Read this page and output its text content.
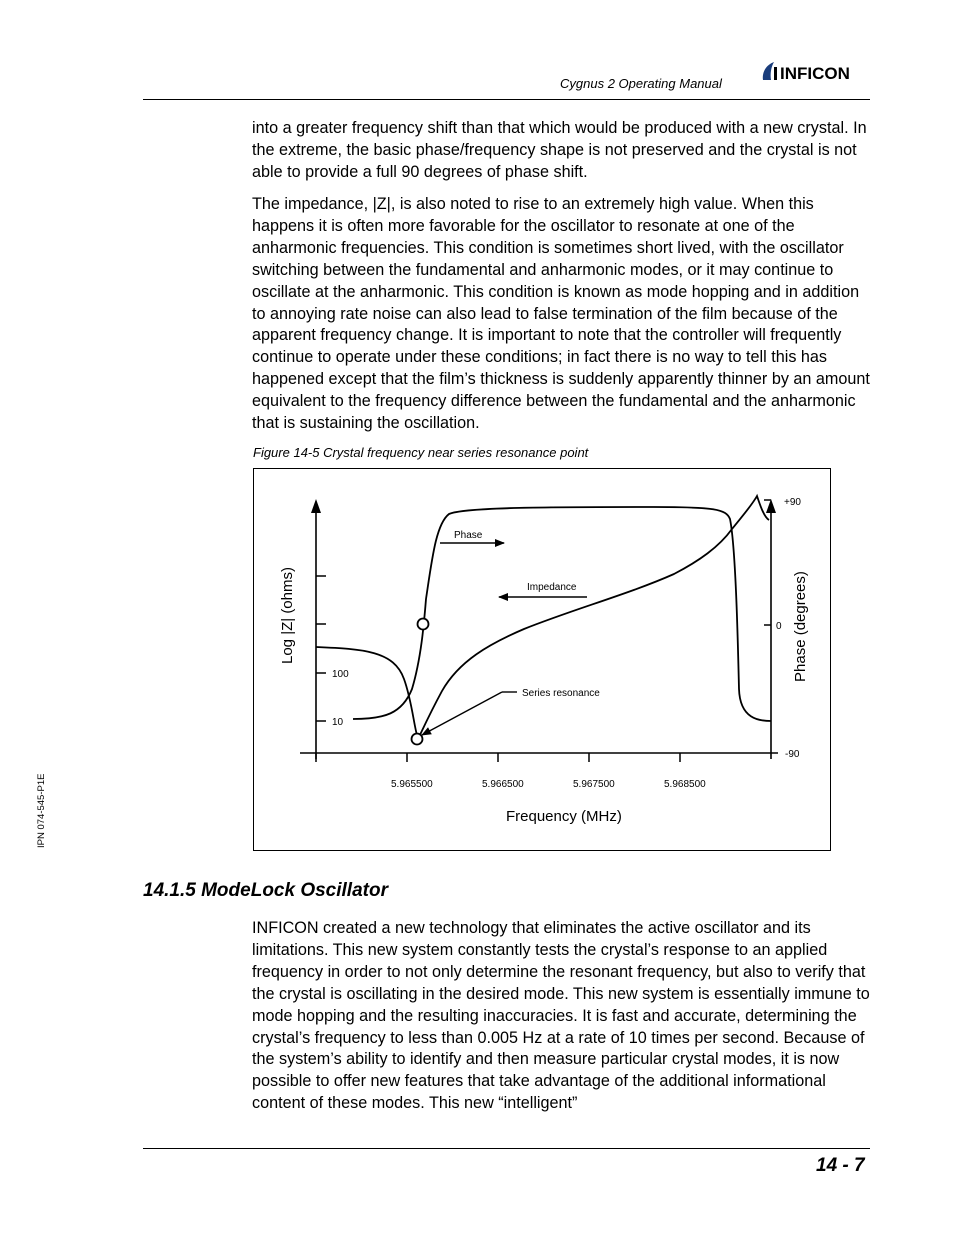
Cygnus 2 Operating Manual
INFICON

into a greater frequency shift than that which would be produced with a new crystal. In the extreme, the basic phase/frequency shape is not preserved and the crystal is not able to provide a full 90 degrees of phase shift.

The impedance, |Z|, is also noted to rise to an extremely high value. When this happens it is often more favorable for the oscillator to resonate at one of the anharmonic frequencies. This condition is sometimes short lived, with the oscillator switching between the fundamental and anharmonic modes, or it may continue to oscillate at the anharmonic. This condition is known as mode hopping and in addition to annoying rate noise can also lead to false termination of the film because of the apparent frequency change. It is important to note that the controller will frequently continue to operate under these conditions; in fact there is no way to tell this has happened except that the film’s thickness is suddenly apparently thinner by an amount equivalent to the frequency difference between the fundamental and the anharmonic that is sustaining the oscillation.

Figure 14-5 Crystal frequency near series resonance point
100
10
+90
0
-90
5.965500	5.966500	5.967500	5.968500
Log |Z| (ohms)	Phase (degrees)
Frequency (MHz)
Phase
Impedance
Series resonance
14.1.5 ModeLock Oscillator

INFICON created a new technology that eliminates the active oscillator and its limitations. This new system constantly tests the crystal’s response to an applied frequency in order to not only determine the resonant frequency, but also to verify that the crystal is oscillating in the desired mode. This new system is essentially immune to mode hopping and the resulting inaccuracies. It is fast and accurate, determining the crystal’s frequency to less than 0.005 Hz at a rate of 10 times per second. Because of the system’s ability to identify and then measure particular crystal modes, it is now possible to offer new features that take advantage of the additional informational content of these modes. This new “intelligent”

IPN 074-545-P1E
14 - 7
